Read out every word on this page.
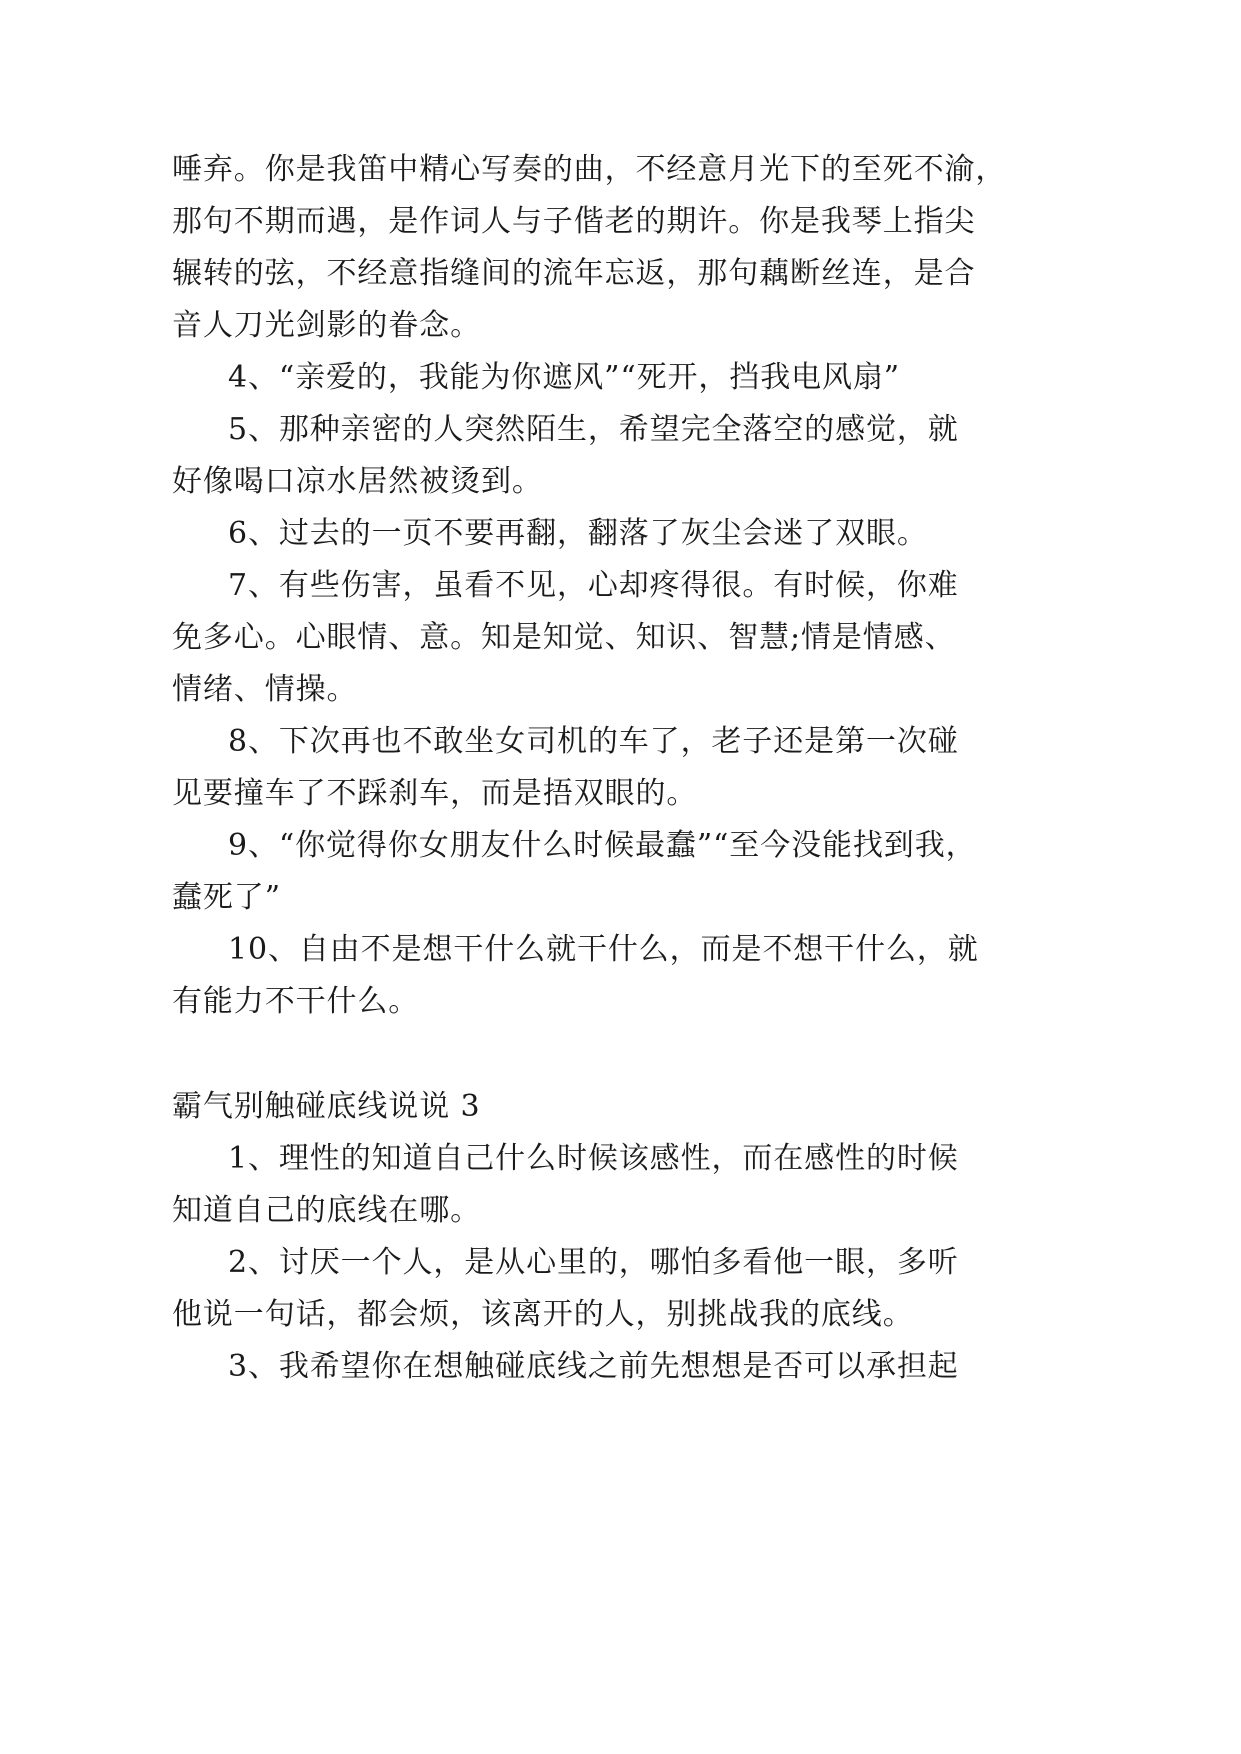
唾弃。你是我笛中精心写奏的曲，不经意月光下的至死不渝，
那句不期而遇，是作词人与子偕老的期许。你是我琴上指尖
辗转的弦，不经意指缝间的流年忘返，那句藕断丝连，是合
音人刀光剑影的眷念。
4、“亲爱的，我能为你遮风”“死开，挡我电风扇”
5、那种亲密的人突然陌生，希望完全落空的感觉，就
好像喝口凉水居然被烫到。
6、过去的一页不要再翻，翻落了灰尘会迷了双眼。
7、有些伤害，虽看不见，心却疼得很。有时候，你难
免多心。心眼情、意。知是知觉、知识、智慧;情是情感、
情绪、情操。
8、下次再也不敢坐女司机的车了，老子还是第一次碰
见要撞车了不踩刹车，而是捂双眼的。
9、“你觉得你女朋友什么时候最蠢”“至今没能找到我，
蠢死了”
10、自由不是想干什么就干什么，而是不想干什么，就
有能力不干什么。
霸气别触碰底线说说 3
1、理性的知道自己什么时候该感性，而在感性的时候
知道自己的底线在哪。
2、讨厌一个人，是从心里的，哪怕多看他一眼，多听
他说一句话，都会烦，该离开的人，别挑战我的底线。
3、我希望你在想触碰底线之前先想想是否可以承担起
